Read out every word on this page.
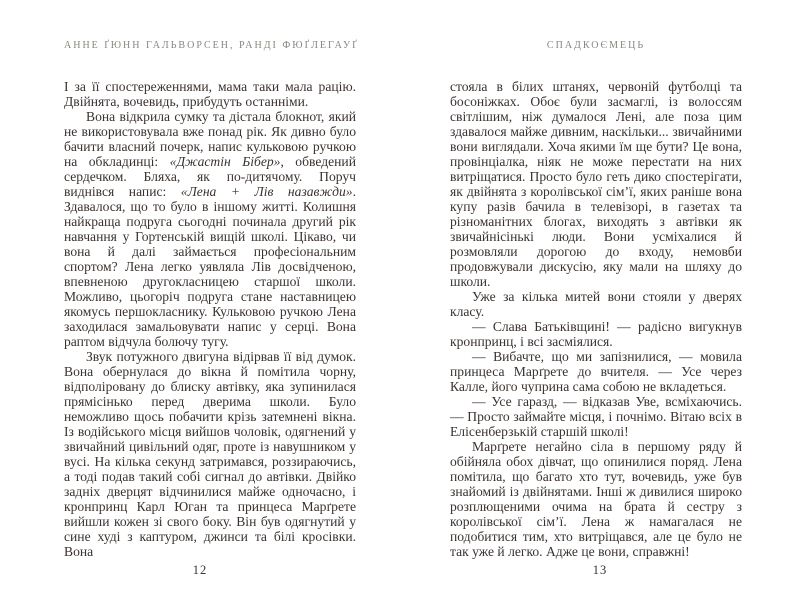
АННЕ ҐЮНН ГАЛЬВОРСЕН, РАНДІ ФЮҐЛЕГАУҐ

І за її спостереженнями, мама таки мала рацію. Двійнята, вочевидь, прибудуть останніми.

Вона відкрила сумку та дістала блокнот, який не використовувала вже понад рік. Як дивно було бачити власний почерк, напис кульковою ручкою на обкладинці: «Джастін Бібер», обведений сердечком. Бляха, як по-дитячому. Поруч виднівся напис: «Лена + Лів назавжди». Здавалося, що то було в іншому житті. Колишня найкраща подруга сьогодні починала другий рік навчання у Гортенській вищій школі. Цікаво, чи вона й далі займається професіональним спортом? Лена легко уявляла Лів досвідченою, впевненою другокласницею старшої школи. Можливо, цьогоріч подруга стане наставницею якомусь першокласнику. Кульковою ручкою Лена заходилася замальовувати напис у серці. Вона раптом відчула болючу тугу.

Звук потужного двигуна відірвав її від думок. Вона обернулася до вікна й помітила чорну, відполіровану до блиску автівку, яка зупинилася прямісінько перед дверима школи. Було неможливо щось побачити крізь затемнені вікна. Із водійського місця вийшов чоловік, одягнений у звичайний цивільний одяг, проте із навушником у вусі. На кілька секунд затримався, роззираючись, а тоді подав такий собі сигнал до автівки. Двійко задніх дверцят відчинилися майже одночасно, і кронпринц Карл Юган та принцеса Марґрете вийшли кожен зі свого боку. Він був одягнутий у сине худі з каптуром, джинси та білі кросівки. Вона

12
СПАДКОЄМЕЦЬ

стояла в білих штанях, червоній футболці та босоніжках. Обоє були засмаглі, із волоссям світлішим, ніж думалося Лені, але поза цим здавалося майже дивним, наскільки... звичайними вони виглядали. Хоча якими їм ще бути? Це вона, провінціалка, ніяк не може перестати на них витріщатися. Просто було геть дико спостерігати, як двійнята з королівської сім’ї, яких раніше вона купу разів бачила в телевізорі, в газетах та різноманітних блогах, виходять з автівки як звичайнісінькі люди. Вони усміхалися й розмовляли дорогою до входу, немовби продовжували дискусію, яку мали на шляху до школи.

Уже за кілька митей вони стояли у дверях класу.

— Слава Батьківщині! — радісно вигукнув кронпринц, і всі засміялися.

— Вибачте, що ми запізнилися, — мовила принцеса Марґрете до вчителя. — Усе через Калле, його чуприна сама собою не вкладеться.

— Усе гаразд, — відказав Уве, всміхаючись. — Просто займайте місця, і почнімо. Вітаю всіх в Елісенберзькій старшій школі!

Марґрете негайно сіла в першому ряду й обійняла обох дівчат, що опинилися поряд. Лена помітила, що багато хто тут, вочевидь, уже був знайомий із двійнятами. Інші ж дивилися широко розплющеними очима на брата й сестру з королівської сім’ї. Лена ж намагалася не подобитися тим, хто витріщався, але це було не так уже й легко. Адже це вони, справжні!

13
